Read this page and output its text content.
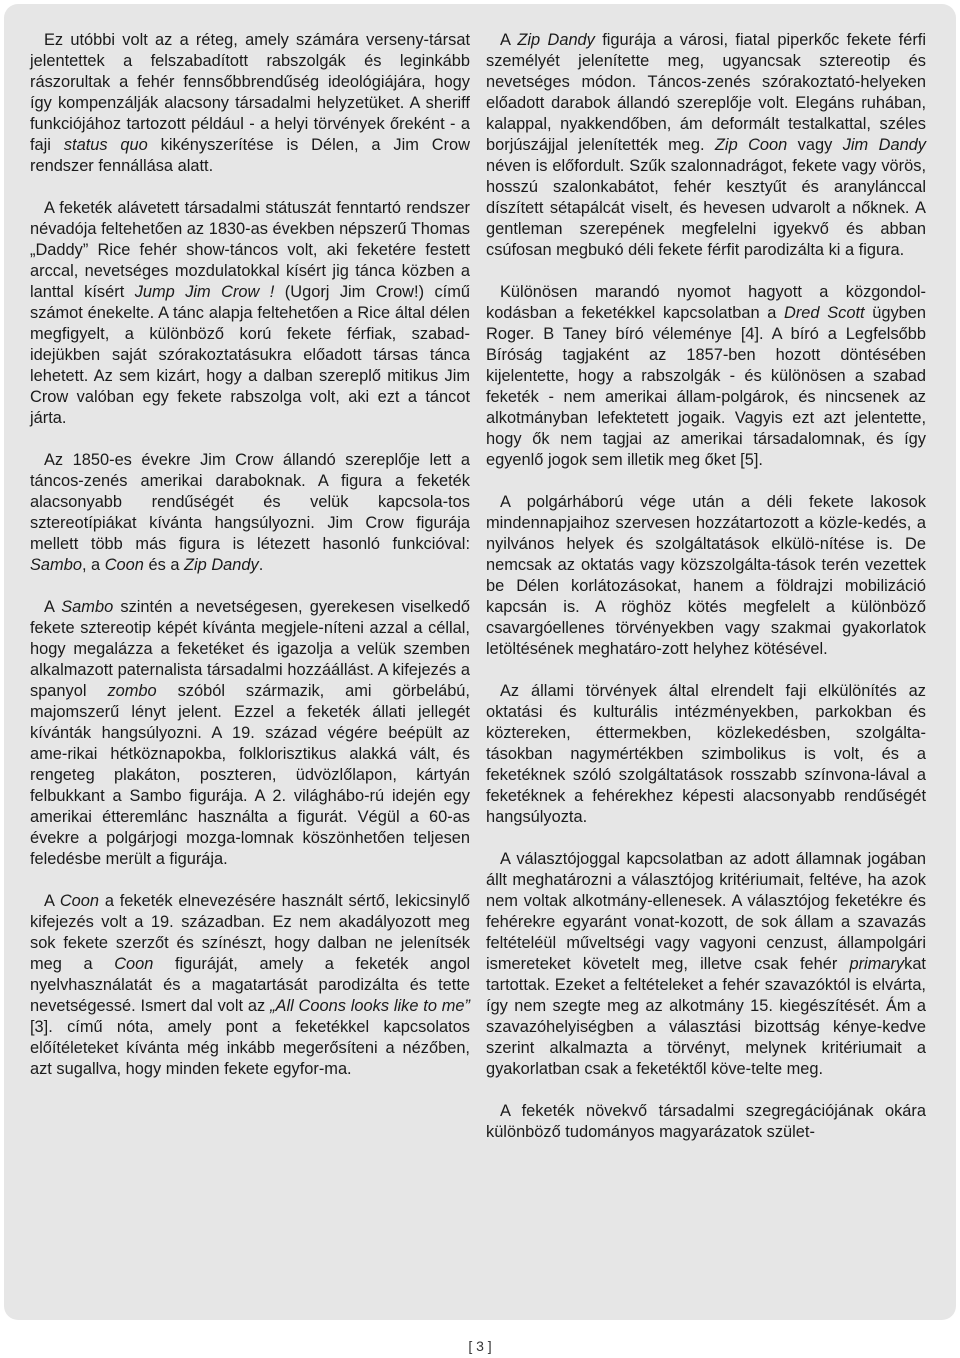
Ez utóbbi volt az a réteg, amely számára verseny-társat jelentettek a felszabadított rabszolgák és leginkább rászorultak a fehér fennsőbbrendűség ideológiájára, hogy így kompenzálják alacsony társadalmi helyzetüket. A sheriff funkciójához tartozott például - a helyi törvények őreként - a faji status quo kikényszerítése is Délen, a Jim Crow rendszer fennállása alatt.

A feketék alávetett társadalmi státuszát fenntartó rendszer névadója feltehetően az 1830-as években népszerű Thomas „Daddy” Rice fehér show-táncos volt, aki feketére festett arccal, nevetséges mozdulatokkal kísért jig tánca közben a lanttal kísért Jump Jim Crow ! (Ugorj Jim Crow!) című számot énekelte. A tánc alapja feltehetően a Rice által délen megfigyelt, a különböző korú fekete férfiak, szabad-idejükben saját szórakoztatásukra előadott társas tánca lehetett. Az sem kizárt, hogy a dalban szereplő mitikus Jim Crow valóban egy fekete rabszolga volt, aki ezt a táncot járta.

Az 1850-es évekre Jim Crow állandó szereplője lett a táncos-zenés amerikai daraboknak. A figura a feketék alacsonyabb rendűségét és velük kapcsola-tos sztereotípiákat kívánta hangsúlyozni. Jim Crow figurája mellett több más figura is létezett hasonló funkcióval: Sambo, a Coon és a Zip Dandy.

A Sambo szintén a nevetségesen, gyerekesen viselkedő fekete sztereotip képét kívánta megjele-níteni azzal a céllal, hogy megalázza a feketéket és igazolja a velük szemben alkalmazott paternalista társadalmi hozzáállást. A kifejezés a spanyol zombo szóból származik, ami görbelábú, majomszerű lényt jelent. Ezzel a feketék állati jellegét kívánták hangsúlyozni. A 19. század végére beépült az ame-rikai hétköznapokba, folklorisztikus alakká vált, és rengeteg plakáton, poszteren, üdvözlőlapon, kártyán felbukkant a Sambo figurája. A 2. világhábo-rú idején egy amerikai étteremlánc használta a figurát. Végül a 60-as évekre a polgárjogi mozga-lomnak köszönhetően teljesen feledésbe merült a figurája.

A Coon a feketék elnevezésére használt sértő, lekicsinylő kifejezés volt a 19. században. Ez nem akadályozott meg sok fekete szerzőt és színészt, hogy dalban ne jelenítsék meg a Coon figuráját, amely a feketék angol nyelvhasználatát és a magatartását parodizálta és tette nevetségessé. Ismert dal volt az „All Coons looks like to me” [3]. című nóta, amely pont a feketékkel kapcsolatos előítéleteket kívánta még inkább megerősíteni a nézőben, azt sugallva, hogy minden fekete egyfor-ma.

A Zip Dandy figurája a városi, fiatal piperkőc fekete férfi személyét jelenítette meg, ugyancsak sztereotip és nevetséges módon. Táncos-zenés szórakoztató-helyeken előadott darabok állandó szereplője volt. Elegáns ruhában, kalappal, nyakkendőben, ám deformált testalkattal, széles borjúszájjal jelenítették meg. Zip Coon vagy Jim Dandy néven is előfordult. Szűk szalonnadrágot, fekete vagy vörös, hosszú szalonkabátot, fehér kesztyűt és aranylánccal díszített sétapálcát viselt, és hevesen udvarolt a nőknek. A gentleman szerepének megfelelni igyekvő és abban csúfosan megbukó déli fekete férfit parodizálta ki a figura.

Különösen marandó nyomot hagyott a közgondol-kodásban a feketékkel kapcsolatban a Dred Scott ügyben Roger. B Taney bíró véleménye [4]. A bíró a Legfelsőbb Bíróság tagjaként az 1857-ben hozott döntésében kijelentette, hogy a rabszolgák - és különösen a szabad feketék - nem amerikai állam-polgárok, és nincsenek az alkotmányban lefektetett jogaik. Vagyis ezt azt jelentette, hogy ők nem tagjai az amerikai társadalomnak, és így egyenlő jogok sem illetik meg őket [5].

A polgárháború vége után a déli fekete lakosok mindennapjaihoz szervesen hozzátartozott a közle-kedés, a nyilvános helyek és szolgáltatások elkülö-nítése is. De nemcsak az oktatás vagy közszolgálta-tások terén vezettek be Délen korlátozásokat, hanem a földrajzi mobilizáció kapcsán is. A röghöz kötés megfelelt a különböző csavargóellenes törvényekben vagy szakmai gyakorlatok letöltésének meghatáro-zott helyhez kötésével.

Az állami törvények által elrendelt faji elkülönítés az oktatási és kulturális intézményekben, parkokban és köztereken, éttermekben, közlekedésben, szolgálta-tásokban nagymértékben szimbolikus is volt, és a feketéknek szóló szolgáltatások rosszabb színvona-lával a feketéknek a fehérekhez képesti alacsonyabb rendűségét hangsúlyozta.

A választójoggal kapcsolatban az adott államnak jogában állt meghatározni a választójog kritériumait, feltéve, ha azok nem voltak alkotmány-ellenesek. A választójog feketékre és fehérekre egyaránt vonat-kozott, de sok állam a szavazás feltételéül műveltségi vagy vagyoni cenzust, állampolgári ismereteket követelt meg, illetve csak fehér primarykat tartottak. Ezeket a feltételeket a fehér szavazóktól is elvárta, így nem szegte meg az alkotmány 15. kiegészítését. Ám a szavazóhelyiségben a választási bizottság kénye-kedve szerint alkalmazta a törvényt, melynek kritériumait a gyakorlatban csak a feketéktől köve-telte meg.

A feketék növekvő társadalmi szegregációjának okára különböző tudományos magyarázatok szület-

[ 3 ]
